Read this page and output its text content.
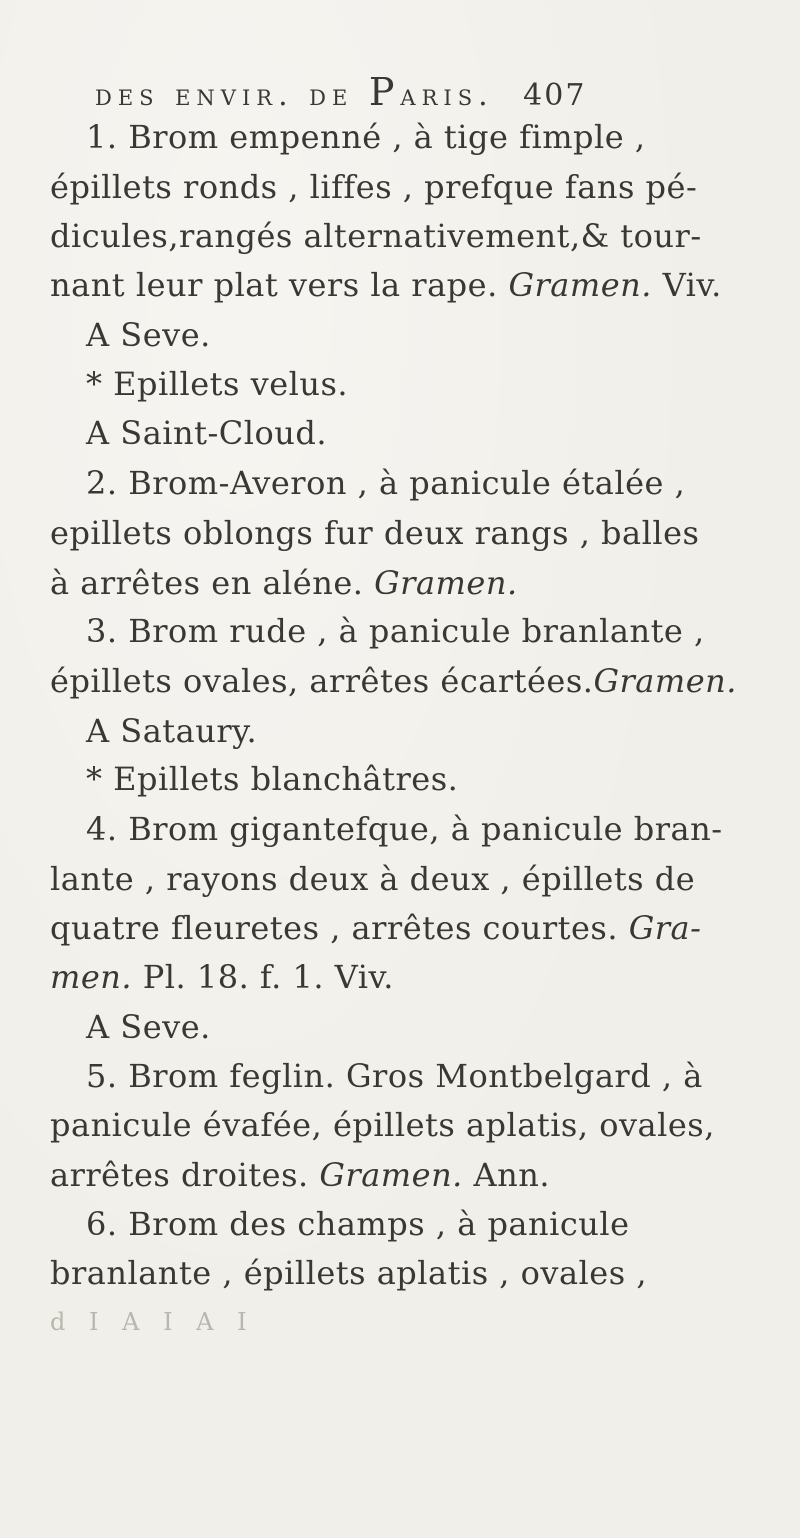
des envir. de Paris. 407
1. Brom empenné , à tige fimple ,
épillets ronds , liffes , prefque fans pé-
dicules,rangés alternativement,& tour-
nant leur plat vers la rape. Gramen. Viv.
A Seve.
* Epillets velus.
A Saint-Cloud.
2. Brom-Averon , à panicule étalée ,
epillets oblongs fur deux rangs , balles
à arrêtes en aléne. Gramen.
3. Brom rude , à panicule branlante ,
épillets ovales, arrêtes écartées.Gramen.
A Sataury.
* Epillets blanchâtres.
4. Brom gigantefque, à panicule bran-
lante , rayons deux à deux , épillets de
quatre fleuretes , arrêtes courtes. Gra-
men. Pl. 18. f. 1. Viv.
A Seve.
5. Brom feglin. Gros Montbelgard , à
panicule évafée, épillets aplatis, ovales,
arrêtes droites. Gramen. Ann.
6. Brom des champs , à panicule
branlante , épillets aplatis , ovales ,
d I A I A I
